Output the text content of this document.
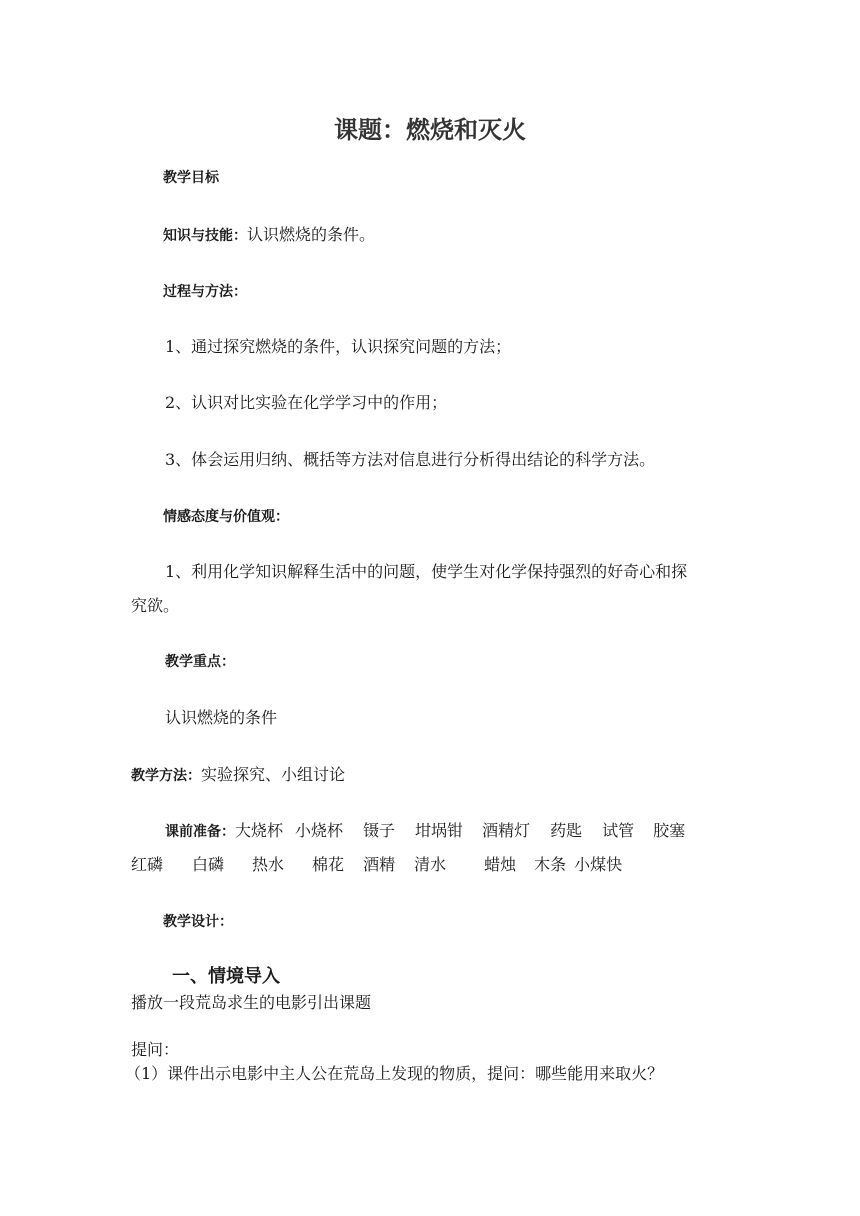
课题：燃烧和灭火
教学目标
知识与技能：认识燃烧的条件。
过程与方法：
1、通过探究燃烧的条件，认识探究问题的方法；
2、认识对比实验在化学学习中的作用；
3、体会运用归纳、概括等方法对信息进行分析得出结论的科学方法。
情感态度与价值观：
1、利用化学知识解释生活中的问题，使学生对化学保持强烈的好奇心和探
究欲。
教学重点：
认识燃烧的条件
教学方法：实验探究、小组讨论
课前准备：大烧杯 小烧杯 镊子 坩埚钳 酒精灯 药匙 试管 胶塞
红磷 白磷 热水 棉花 酒精 清水 蜡烛 木条 小煤快
教学设计：
一、情境导入
播放一段荒岛求生的电影引出课题
提问：
（1）课件出示电影中主人公在荒岛上发现的物质，提问：哪些能用来取火？
